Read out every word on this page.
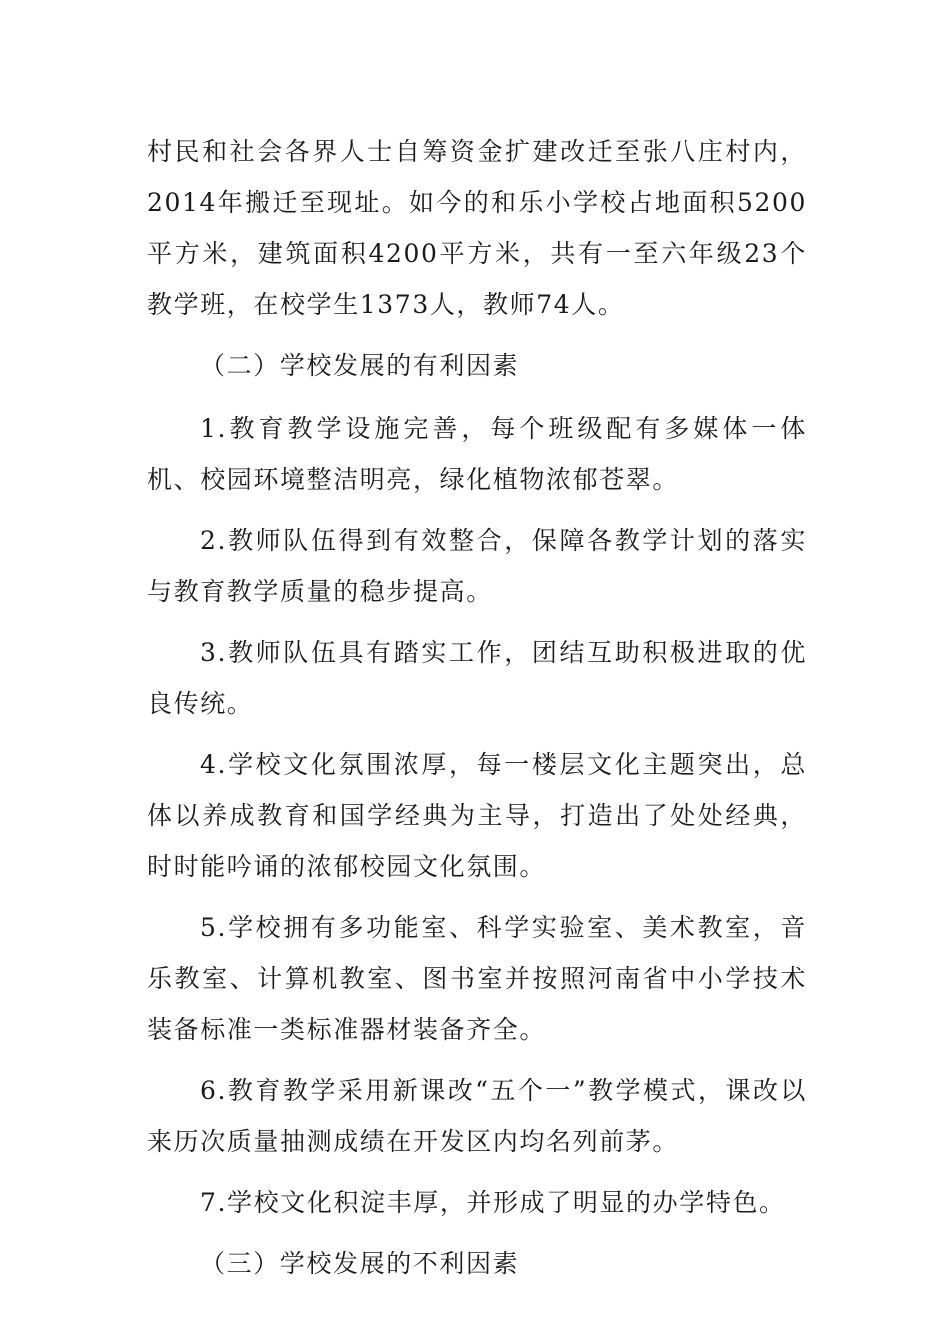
村民和社会各界人士自筹资金扩建改迁至张八庄村内，2014年搬迁至现址。如今的和乐小学校占地面积5200平方米，建筑面积4200平方米，共有一至六年级23个教学班，在校学生1373人，教师74人。

（二）学校发展的有利因素

1.教育教学设施完善，每个班级配有多媒体一体机、校园环境整洁明亮，绿化植物浓郁苍翠。

2.教师队伍得到有效整合，保障各教学计划的落实与教育教学质量的稳步提高。

3.教师队伍具有踏实工作，团结互助积极进取的优良传统。

4.学校文化氛围浓厚，每一楼层文化主题突出，总体以养成教育和国学经典为主导，打造出了处处经典，时时能吟诵的浓郁校园文化氛围。

5.学校拥有多功能室、科学实验室、美术教室，音乐教室、计算机教室、图书室并按照河南省中小学技术装备标准一类标准器材装备齐全。

6.教育教学采用新课改“五个一”教学模式，课改以来历次质量抽测成绩在开发区内均名列前茅。

7.学校文化积淀丰厚，并形成了明显的办学特色。

（三）学校发展的不利因素
